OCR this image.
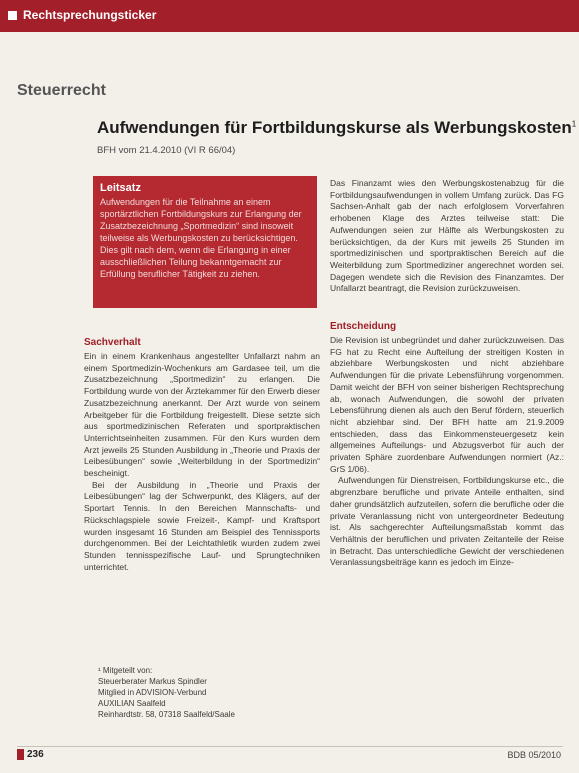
Rechtsprechungsticker
Steuerrecht
Aufwendungen für Fortbildungskurse als Werbungskosten$^1$
BFH vom 21.4.2010 (VI R 66/04)
Leitsatz

Aufwendungen für die Teilnahme an einem sportärztlichen Fortbildungskurs zur Erlangung der Zusatzbezeichnung „Sportmedizin“ sind insoweit teilweise als Werbungskosten zu berücksichtigen. Dies gilt nach dem, wenn die Erlangung in einer ausschließlichen Teilung bekanntgemacht zur Erfüllung beruflicher Tätigkeit zu ziehen.

Sachverhalt

Ein in einem Krankenhaus angestellter Unfallarzt nahm an einem Sportmedizin-Wochenkurs am Gardasee teil, um die Zusatzbezeichnung „Sportmedizin“ zu erlangen. Die Fortbildung wurde von der Ärztekammer für den Erwerb dieser Zusatzbezeichnung anerkannt. Der Arzt wurde von seinem Arbeitgeber für die Fortbildung freigestellt. Diese setzte sich aus sportmedizinischen Referaten und sportpraktischen Unterrichtseinheiten zusammen. Für den Kurs wurden dem Arzt jeweils 25 Stunden Ausbildung in „Theorie und Praxis der Leibesübungen“ sowie „Weiterbildung in der Sportmedizin“ bescheinigt.

Bei der Ausbildung in „Theorie und Praxis der Leibesübungen“ lag der Schwerpunkt, des Klägers, auf der Sportart Tennis. In den Bereichen Mannschafts- und Rückschlagspiele sowie Freizeit-, Kampf- und Kraftsport wurden insgesamt 16 Stunden am Beispiel des Tennissports durchgenommen. Bei der Leichtathletik wurden zudem zwei Stunden tennisspezifische Lauf- und Sprungtechniken unterrichtet.

¹ Mitgeteilt von:
Steuerberater Markus Spindler
Mitglied in ADVISION-Verbund
AUXILIAN Saalfeld
Reinhardtstr. 58, 07318 Saalfeld/Saale

Das Finanzamt wies den Werbungskostenabzug für die Fortbildungsaufwendungen in vollem Umfang zurück. Das FG Sachsen-Anhalt gab der nach erfolglosem Vorverfahren erhobenen Klage des Arztes teilweise statt: Die Aufwendungen seien zur Hälfte als Werbungskosten zu berücksichtigen, da der Kurs mit jeweils 25 Stunden im sportmedizinischen und sportpraktischen Bereich auf die Weiterbildung zum Sportmediziner angerechnet worden sei. Dagegen wendete sich die Revision des Finanzamtes. Der Unfallarzt beantragt, die Revision zurückzuweisen.

Entscheidung

Die Revision ist unbegründet und daher zurückzuweisen. Das FG hat zu Recht eine Aufteilung der streitigen Kosten in abziehbare Werbungskosten und nicht abziehbare Aufwendungen für die private Lebensführung vorgenommen. Damit weicht der BFH von seiner bisherigen Rechtsprechung ab, wonach Aufwendungen, die sowohl der privaten Lebensführung dienen als auch den Beruf fördern, steuerlich nicht abziehbar sind. Der BFH hatte am 21.9.2009 entschieden, dass das Einkommensteuergesetz kein allgemeines Aufteilungs- und Abzugsverbot für auch der privaten Sphäre zuordenbare Aufwendungen normiert (Az.: GrS 1/06).

Aufwendungen für Dienstreisen, Fortbildungskurse etc., die abgrenzbare berufliche und private Anteile enthalten, sind daher grundsätzlich aufzuteilen, sofern die berufliche oder die private Veranlassung nicht von untergeordneter Bedeutung ist. Als sachgerechter Aufteilungsmaßstab kommt das Verhältnis der beruflichen und privaten Zeitanteile der Reise in Betracht. Das unterschiedliche Gewicht der verschiedenen Veranlassungsbeiträge kann es jedoch im Einze-

236	BDB 05/2010
